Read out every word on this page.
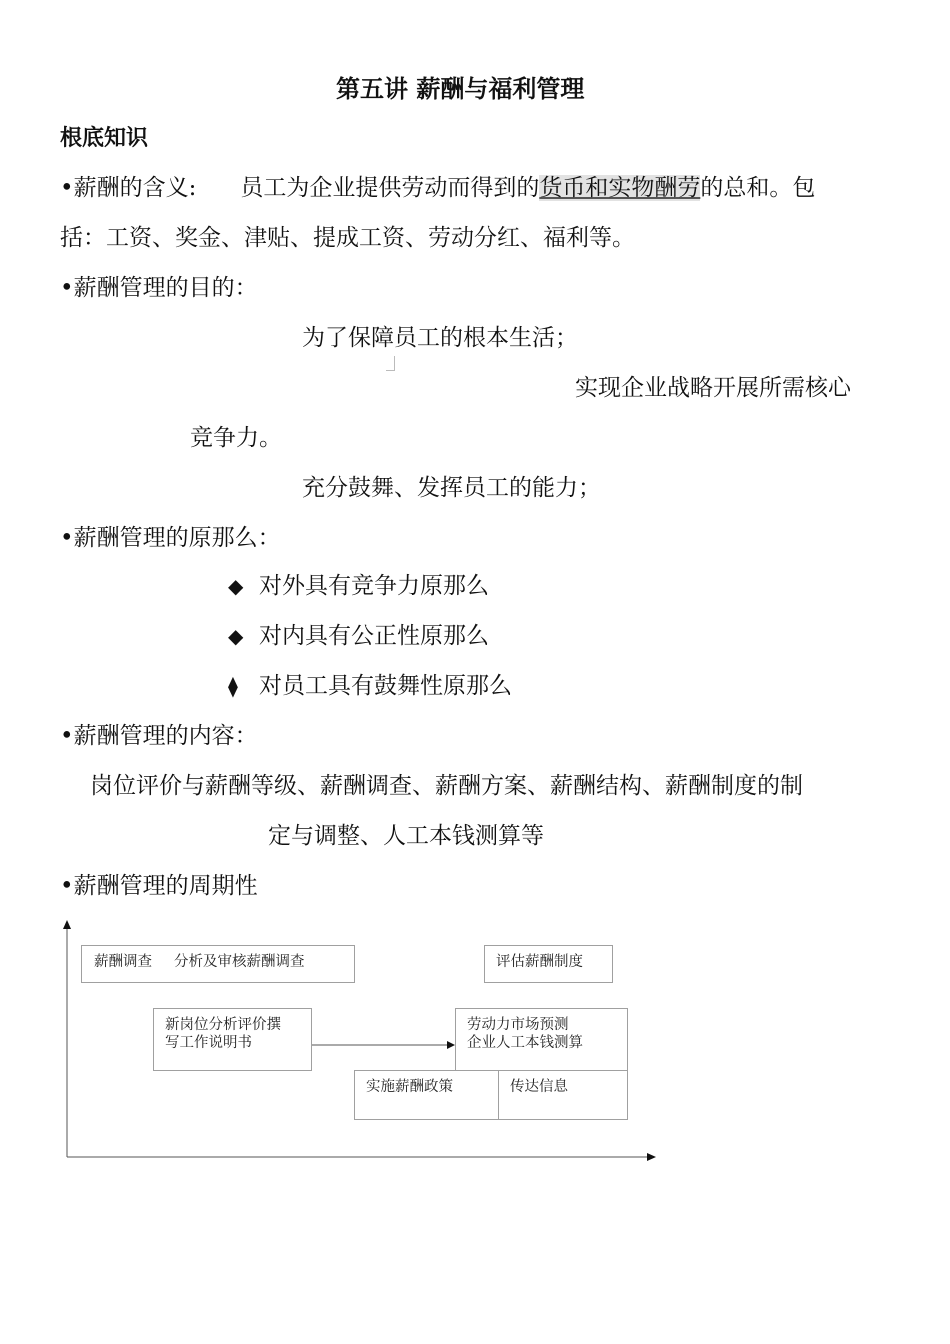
第五讲 薪酬与福利管理
根底知识
•薪酬的含义: 员工为企业提供劳动而得到的货币和实物酬劳的总和。包
括：工资、奖金、津贴、提成工资、劳动分红、福利等。
•薪酬管理的目的：
为了保障员工的根本生活；
实现企业战略开展所需核心
竞争力。
充分鼓舞、发挥员工的能力；
•薪酬管理的原那么：
◆ 对外具有竞争力原那么
◆ 对内具有公正性原那么
⧫ 对员工具有鼓舞性原那么
•薪酬管理的内容：
岗位评价与薪酬等级、薪酬调查、薪酬方案、薪酬结构、薪酬制度的制
定与调整、人工本钱测算等
•薪酬管理的周期性
薪酬调查 分析及审核薪酬调查	评估薪酬制度
新岗位分析评价撰
写工作说明书
劳动力市场预测
企业人工本钱测算
实施薪酬政策	传达信息
